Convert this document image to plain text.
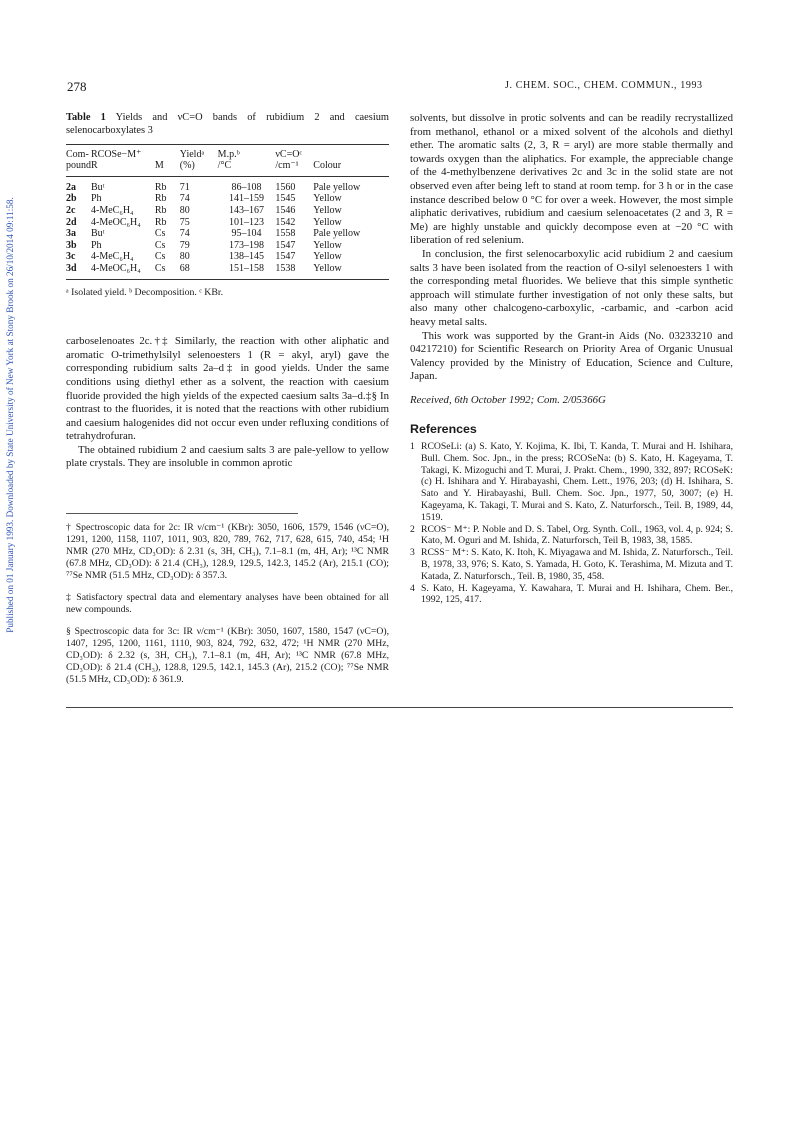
Published on 01 January 1993. Downloaded by State University of New York at Stony Brook on 26/10/2014 09:11:58.
278	J. CHEM. SOC., CHEM. COMMUN., 1993

Table 1 Yields and νC=O bands of rubidium 2 and caesium selenocarboxylates 3

Com-	RCOSe−M⁺		Yieldᵃ	M.p.ᵇ	νC=Oᶜ	
pound	R	M	(%)	/°C	/cm⁻¹	Colour
2a	Buᵗ	Rb	71	86–108	1560	Pale yellow
2b	Ph	Rb	74	141–159	1545	Yellow
2c	4-MeC₆H₄	Rb	80	143–167	1546	Yellow
2d	4-MeOC₆H₄	Rb	75	101–123	1542	Yellow
3a	Buᵗ	Cs	74	95–104	1558	Pale yellow
3b	Ph	Cs	79	173–198	1547	Yellow
3c	4-MeC₆H₄	Cs	80	138–145	1547	Yellow
3d	4-MeOC₆H₄	Cs	68	151–158	1538	Yellow

ᵃ Isolated yield. ᵇ Decomposition. ᶜ KBr.

carboselenoates 2c.†‡ Similarly, the reaction with other aliphatic and aromatic O-trimethylsilyl selenoesters 1 (R = akyl, aryl) gave the corresponding rubidium salts 2a–d‡ in good yields. Under the same conditions using diethyl ether as a solvent, the reaction with caesium fluoride provided the high yields of the expected caesium salts 3a–d.‡§ In contrast to the fluorides, it is noted that the reactions with other rubidium and caesium halogenides did not occur even under refluxing conditions of tetrahydrofuran.

The obtained rubidium 2 and caesium salts 3 are pale-yellow to yellow plate crystals. They are insoluble in common aprotic

† Spectroscopic data for 2c: IR ν/cm⁻¹ (KBr): 3050, 1606, 1579, 1546 (νC=O), 1291, 1200, 1158, 1107, 1011, 903, 820, 789, 762, 717, 628, 615, 740, 454; ¹H NMR (270 MHz, CD₃OD): δ 2.31 (s, 3H, CH₃), 7.1–8.1 (m, 4H, Ar); ¹³C NMR (67.8 MHz, CD₃OD): δ 21.4 (CH₃), 128.9, 129.5, 142.3, 145.2 (Ar), 215.1 (CO); ⁷⁷Se NMR (51.5 MHz, CD₃OD): δ 357.3.

‡ Satisfactory spectral data and elementary analyses have been obtained for all new compounds.

§ Spectroscopic data for 3c: IR ν/cm⁻¹ (KBr): 3050, 1607, 1580, 1547 (νC=O), 1407, 1295, 1200, 1161, 1110, 903, 824, 792, 632, 472; ¹H NMR (270 MHz, CD₃OD): δ 2.32 (s, 3H, CH₃), 7.1–8.1 (m, 4H, Ar); ¹³C NMR (67.8 MHz, CD₃OD): δ 21.4 (CH₃), 128.8, 129.5, 142.1, 145.3 (Ar), 215.2 (CO); ⁷⁷Se NMR (51.5 MHz, CD₃OD): δ 361.9.

solvents, but dissolve in protic solvents and can be readily recrystallized from methanol, ethanol or a mixed solvent of the alcohols and diethyl ether. The aromatic salts (2, 3, R = aryl) are more stable thermally and towards oxygen than the aliphatics. For example, the appreciable change of the 4-methylbenzene derivatives 2c and 3c in the solid state are not observed even after being left to stand at room temp. for 3 h or in the case instance described below 0 °C for over a week. However, the most simple aliphatic derivatives, rubidium and caesium selenoacetates (2 and 3, R = Me) are highly unstable and quickly decompose even at −20 °C with liberation of red selenium.

In conclusion, the first selenocarboxylic acid rubidium 2 and caesium salts 3 have been isolated from the reaction of O-silyl selenoesters 1 with the corresponding metal fluorides. We believe that this simple synthetic approach will stimulate further investigation of not only these salts, but also many other chalcogeno-carboxylic, -carbamic, and -carbon acid heavy metal salts.

This work was supported by the Grant-in Aids (No. 03233210 and 04217210) for Scientific Research on Priority Area of Organic Unusual Valency provided by the Ministry of Education, Science and Culture, Japan.

Received, 6th October 1992; Com. 2/05366G

References
1 RCOSeLi: (a) S. Kato, Y. Kojima, K. Ibi, T. Kanda, T. Murai and H. Ishihara, Bull. Chem. Soc. Jpn., in the press; RCOSeNa: (b) S. Kato, H. Kageyama, T. Takagi, K. Mizoguchi and T. Murai, J. Prakt. Chem., 1990, 332, 897; RCOSeK: (c) H. Ishihara and Y. Hirabayashi, Chem. Lett., 1976, 203; (d) H. Ishihara, S. Sato and Y. Hirabayashi, Bull. Chem. Soc. Jpn., 1977, 50, 3007; (e) H. Kageyama, K. Takagi, T. Murai and S. Kato, Z. Naturforsch., Teil. B, 1989, 44, 1519.
2 RCOS⁻ M⁺: P. Noble and D. S. Tabel, Org. Synth. Coll., 1963, vol. 4, p. 924; S. Kato, M. Oguri and M. Ishida, Z. Naturforsch, Teil B, 1983, 38, 1585.
3 RCSS⁻ M⁺: S. Kato, K. Itoh, K. Miyagawa and M. Ishida, Z. Naturforsch., Teil. B, 1978, 33, 976; S. Kato, S. Yamada, H. Goto, K. Terashima, M. Mizuta and T. Katada, Z. Naturforsch., Teil. B, 1980, 35, 458.
4 S. Kato, H. Kageyama, Y. Kawahara, T. Murai and H. Ishihara, Chem. Ber., 1992, 125, 417.
